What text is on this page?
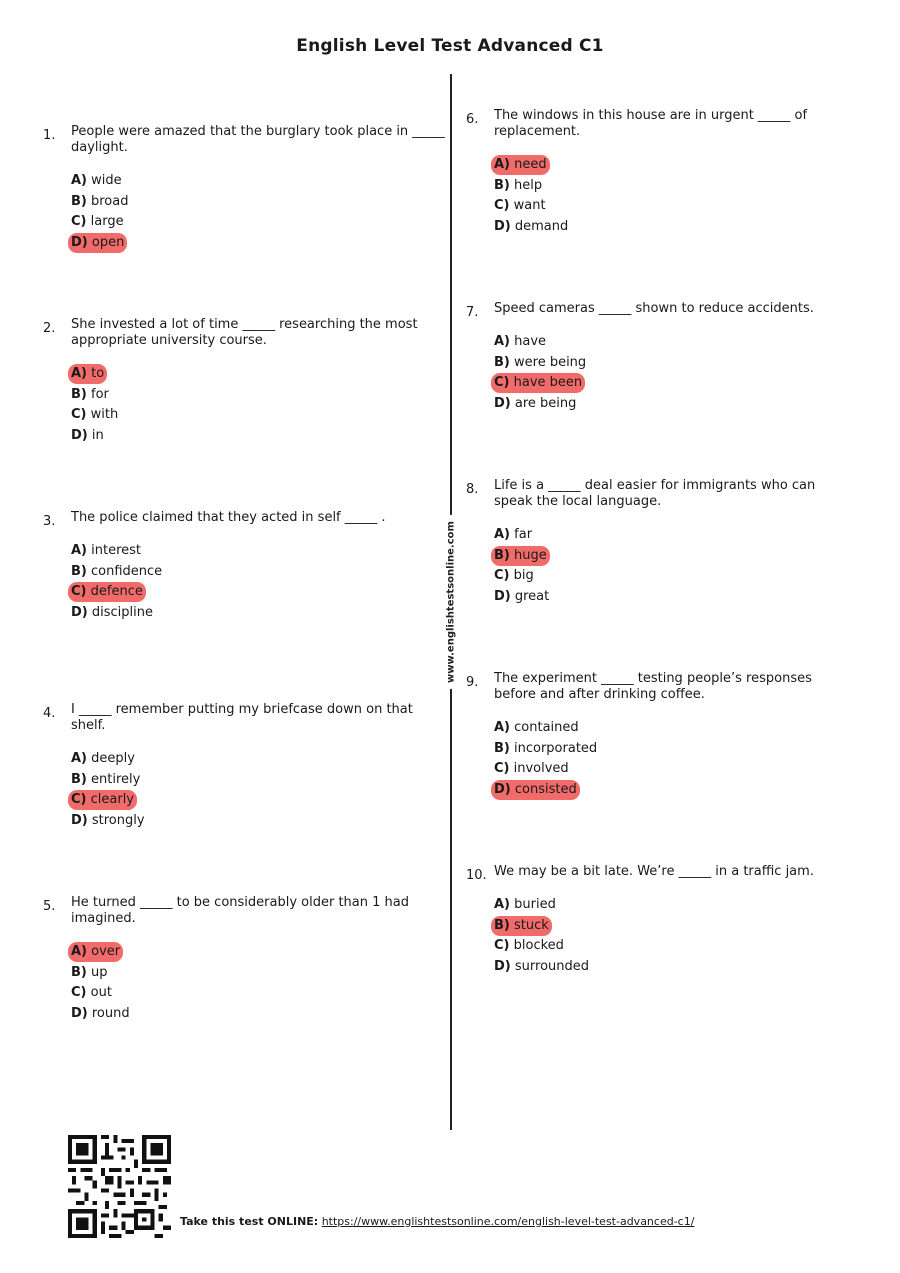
English Level Test Advanced C1
www.englishtestsonline.com
1. People were amazed that the burglary took place in _____ daylight.
A) wide
B) broad
C) large
D) open
2. She invested a lot of time _____ researching the most appropriate university course.
A) to
B) for
C) with
D) in
3. The police claimed that they acted in self _____ .
A) interest
B) confidence
C) defence
D) discipline
4. I _____ remember putting my briefcase down on that shelf.
A) deeply
B) entirely
C) clearly
D) strongly
5. He turned _____ to be considerably older than 1 had imagined.
A) over
B) up
C) out
D) round
6. The windows in this house are in urgent _____ of replacement.
A) need
B) help
C) want
D) demand
7. Speed cameras _____ shown to reduce accidents.
A) have
B) were being
C) have been
D) are being
8. Life is a _____ deal easier for immigrants who can speak the local language.
A) far
B) huge
C) big
D) great
9. The experiment _____ testing people’s responses before and after drinking coffee.
A) contained
B) incorporated
C) involved
D) consisted
10. We may be a bit late. We’re _____ in a traffic jam.
A) buried
B) stuck
C) blocked
D) surrounded
Take this test ONLINE: https://www.englishtestsonline.com/english-level-test-advanced-c1/
